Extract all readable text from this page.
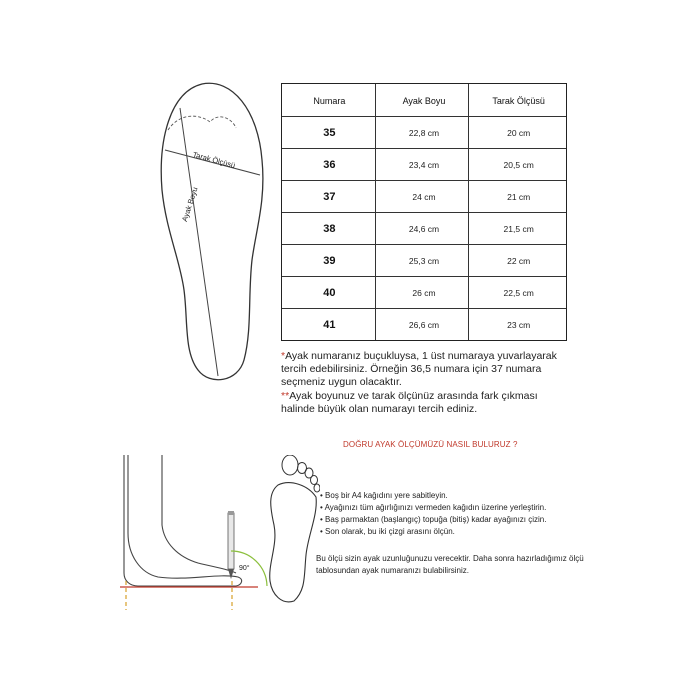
Tarak Ölçüsü
Ayak Boyu
Numara	Ayak Boyu	Tarak Ölçüsü
35	22,8 cm	20 cm
36	23,4 cm	20,5 cm
37	24 cm	21 cm
38	24,6 cm	21,5 cm
39	25,3 cm	22 cm
40	26 cm	22,5 cm
41	26,6 cm	23 cm
*Ayak numaranız buçukluysa, 1 üst numaraya yuvarlayarak
tercih edebilirsiniz. Örneğin 36,5 numara için 37 numara
seçmeniz uygun olacaktır.
**Ayak boyunuz ve tarak ölçünüz arasında fark çıkması
halinde büyük olan numarayı tercih ediniz.
DOĞRU AYAK ÖLÇÜMÜZÜ NASIL BULURUZ ?
90°
• Boş bir A4 kağıdını yere sabitleyin.
• Ayağınızı tüm ağırlığınızı vermeden kağıdın üzerine yerleştirin.
• Baş parmaktan (başlangıç) topuğa (bitiş) kadar ayağınızı çizin.
• Son olarak, bu iki çizgi arasını ölçün.
Bu ölçü sizin ayak uzunluğunuzu verecektir. Daha sonra hazırladığımız ölçü tablosundan ayak numaranızı bulabilirsiniz.
